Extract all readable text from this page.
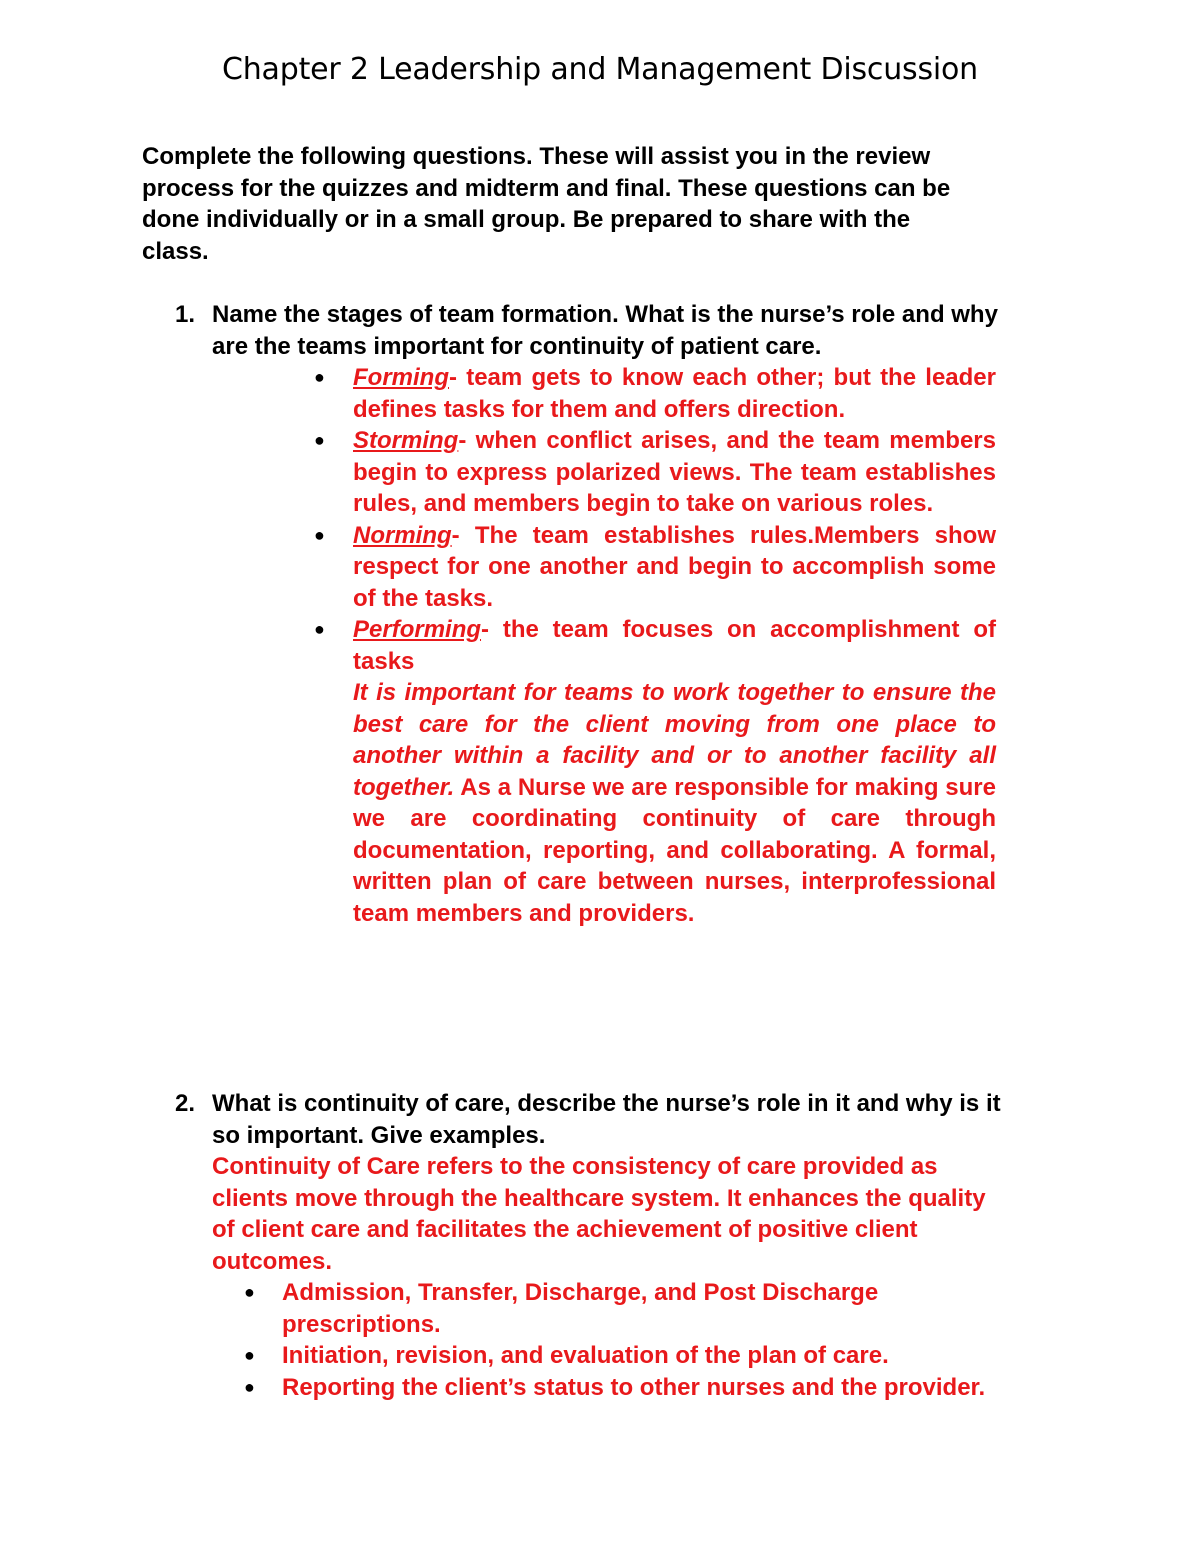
Chapter 2 Leadership and Management Discussion

Complete the following questions. These will assist you in the review process for the quizzes and midterm and final. These questions can be done individually or in a small group. Be prepared to share with the class.

1. Name the stages of team formation. What is the nurse’s role and why are the teams important for continuity of patient care.
● Forming- team gets to know each other; but the leader defines tasks for them and offers direction.
● Storming- when conflict arises, and the team members begin to express polarized views. The team establishes rules, and members begin to take on various roles.
● Norming- The team establishes rules.Members show respect for one another and begin to accomplish some of the tasks.
● Performing- the team focuses on accomplishment of tasks
It is important for teams to work together to ensure the best care for the client moving from one place to another within a facility and or to another facility all together. As a Nurse we are responsible for making sure we are coordinating continuity of care through documentation, reporting, and collaborating. A formal, written plan of care between nurses, interprofessional team members and providers.
2. What is continuity of care, describe the nurse’s role in it and why is it so important. Give examples.
Continuity of Care refers to the consistency of care provided as clients move through the healthcare system. It enhances the quality of client care and facilitates the achievement of positive client outcomes.
● Admission, Transfer, Discharge, and Post Discharge prescriptions.
● Initiation, revision, and evaluation of the plan of care.
● Reporting the client’s status to other nurses and the provider.
